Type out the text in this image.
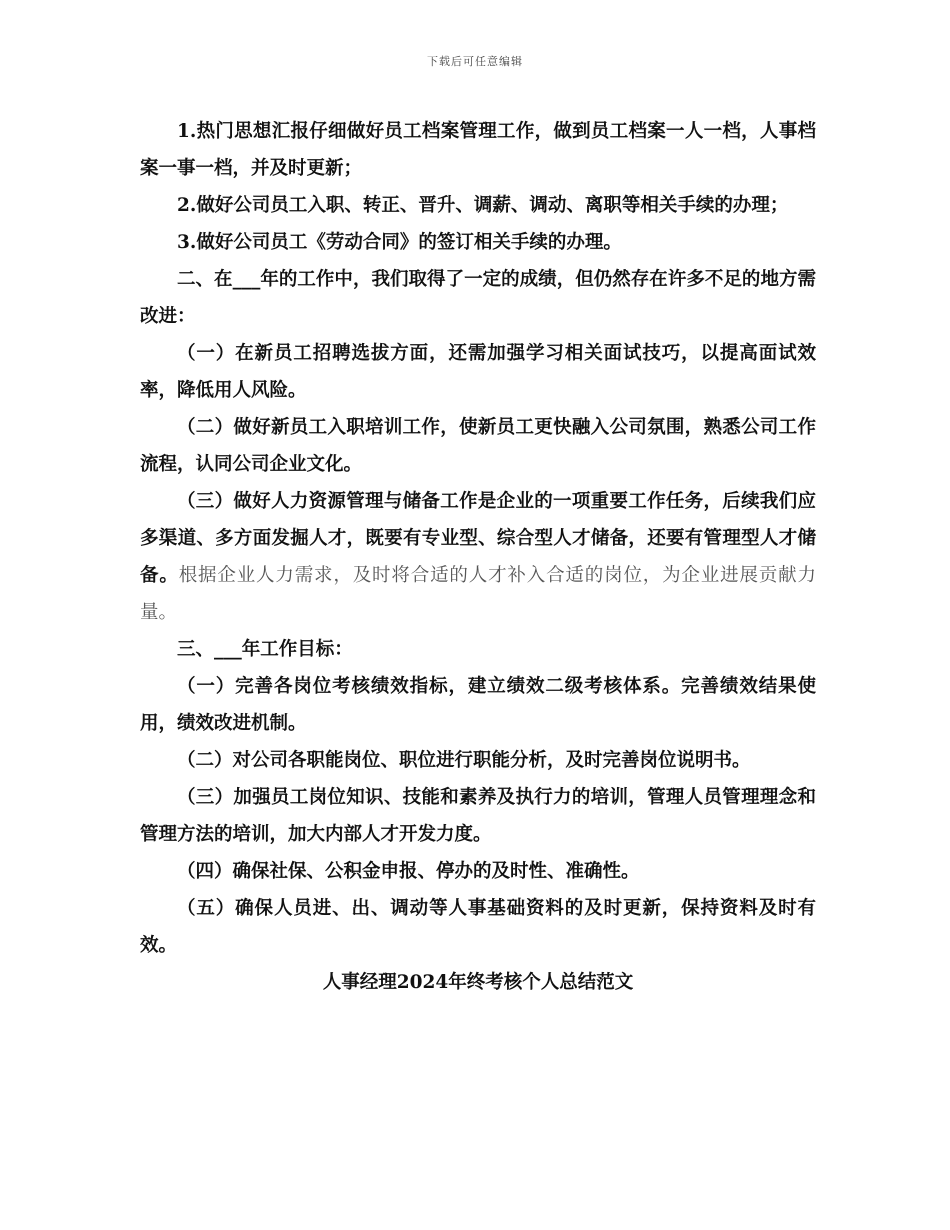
下载后可任意编辑

1.热门思想汇报仔细做好员工档案管理工作，做到员工档案一人一档，人事档案一事一档，并及时更新；

2.做好公司员工入职、转正、晋升、调薪、调动、离职等相关手续的办理；

3.做好公司员工《劳动合同》的签订相关手续的办理。

二、在___年的工作中，我们取得了一定的成绩，但仍然存在许多不足的地方需改进：

（一）在新员工招聘选拔方面，还需加强学习相关面试技巧，以提高面试效率，降低用人风险。

（二）做好新员工入职培训工作，使新员工更快融入公司氛围，熟悉公司工作流程，认同公司企业文化。

（三）做好人力资源管理与储备工作是企业的一项重要工作任务，后续我们应多渠道、多方面发掘人才，既要有专业型、综合型人才储备，还要有管理型人才储备。根据企业人力需求，及时将合适的人才补入合适的岗位，为企业进展贡献力量。

三、___年工作目标：

（一）完善各岗位考核绩效指标，建立绩效二级考核体系。完善绩效结果使用，绩效改进机制。

（二）对公司各职能岗位、职位进行职能分析，及时完善岗位说明书。

（三）加强员工岗位知识、技能和素养及执行力的培训，管理人员管理理念和管理方法的培训，加大内部人才开发力度。

（四）确保社保、公积金申报、停办的及时性、准确性。

（五）确保人员进、出、调动等人事基础资料的及时更新，保持资料及时有效。

人事经理2024年终考核个人总结范文
